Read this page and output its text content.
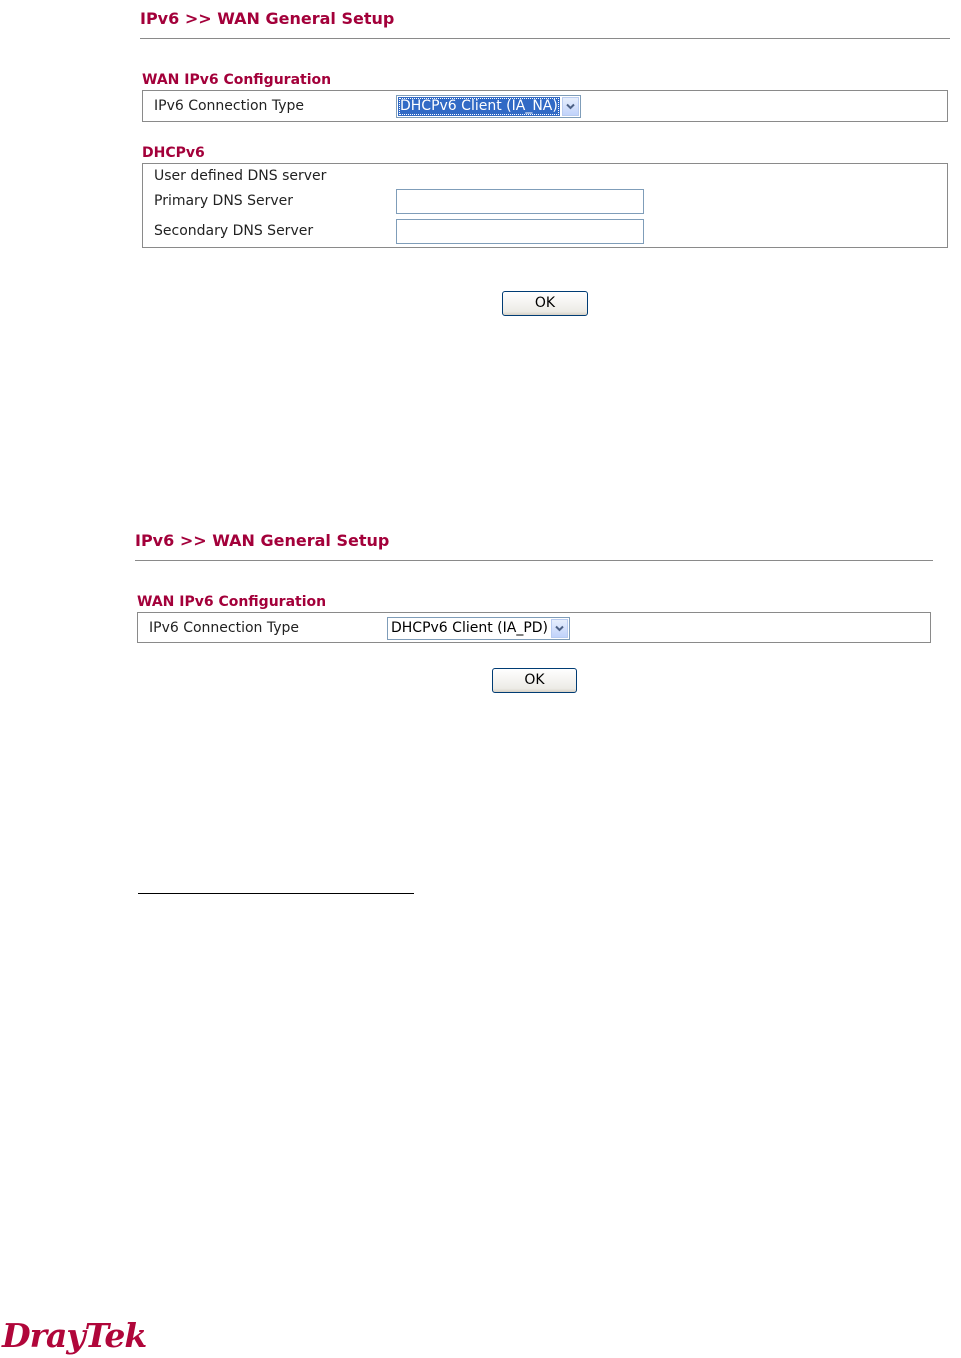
IPv6 >> WAN General Setup
WAN IPv6 Configuration
IPv6 Connection Type	DHCPv6 Client (IA_NA)
DHCPv6
User defined DNS server
Primary DNS Server
Secondary DNS Server
OK
IPv6 >> WAN General Setup
WAN IPv6 Configuration
IPv6 Connection Type	DHCPv6 Client (IA_PD)
OK
DrayTek
